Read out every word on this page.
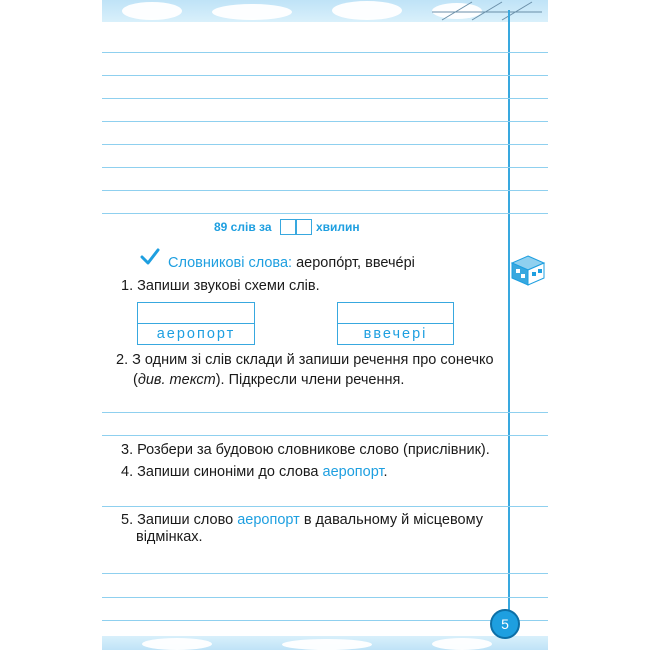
89 слів за	хвилин
Словникові слова: аеропо́рт, ввече́рі
1. Запиши звукові схеми слів.
аеропорт	ввечері
2. З одним зі слів склади й запиши речення про сонечко
(див. текст). Підкресли члени речення.
3. Розбери за будовою словникове слово (прислівник).
4. Запиши синоніми до слова аеропорт.
5. Запиши слово аеропорт в давальному й місцевому
відмінках.
5
